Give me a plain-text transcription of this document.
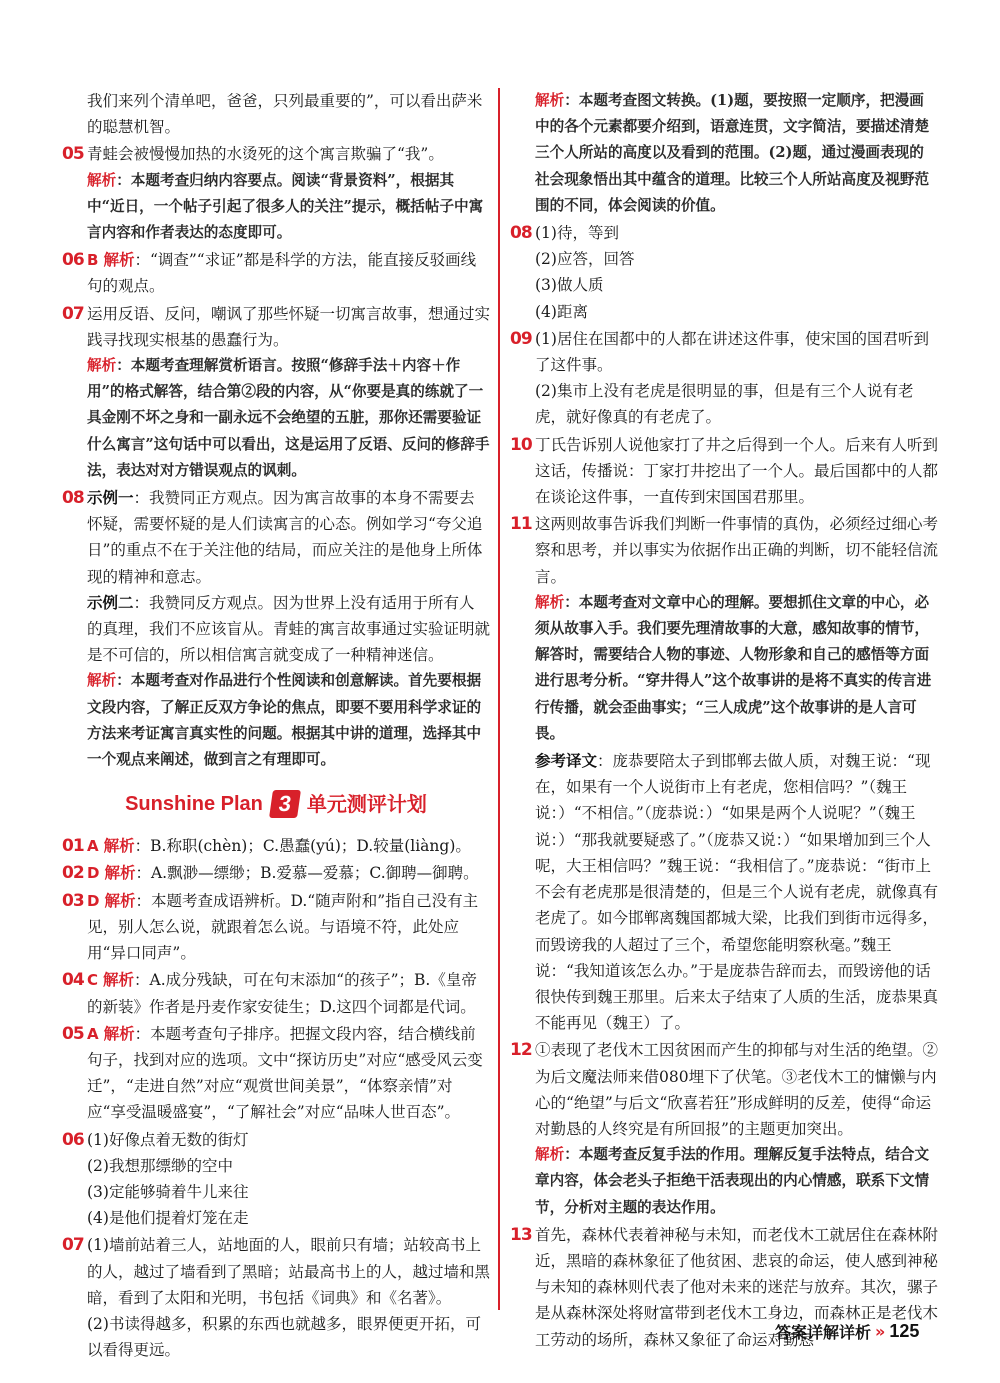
我们来列个清单吧，爸爸，只列最重要的”，可以看出萨米的聪慧机智。
05 青蛙会被慢慢加热的水烫死的这个寓言欺骗了“我”。
解析：本题考查归纳内容要点。阅读“背景资料”，根据其中“近日，一个帖子引起了很多人的关注”提示，概括帖子中寓言内容和作者表达的态度即可。
06 B 解析：“调查”“求证”都是科学的方法，能直接反驳画线句的观点。
07 运用反语、反问，嘲讽了那些怀疑一切寓言故事，想通过实践寻找现实根基的愚蠢行为。
解析：本题考查理解赏析语言。按照“修辞手法＋内容＋作用”的格式解答，结合第②段的内容，从“你要是真的练就了一具金刚不坏之身和一副永远不会绝望的五脏，那你还需要验证什么寓言”这句话中可以看出，这是运用了反语、反问的修辞手法，表达对对方错误观点的讽刺。
08 示例一：我赞同正方观点。因为寓言故事的本身不需要去怀疑，需要怀疑的是人们读寓言的心态。例如学习“夸父追日”的重点不在于关注他的结局，而应关注的是他身上所体现的精神和意志。
示例二：我赞同反方观点。因为世界上没有适用于所有人的真理，我们不应该盲从。青蛙的寓言故事通过实验证明就是不可信的，所以相信寓言就变成了一种精神迷信。
解析：本题考查对作品进行个性阅读和创意解读。首先要根据文段内容，了解正反双方争论的焦点，即要不要用科学求证的方法来考证寓言真实性的问题。根据其中讲的道理，选择其中一个观点来阐述，做到言之有理即可。
Sunshine Plan 3 单元测评计划
01 A 解析：B.称职(chèn)；C.愚蠢(yú)；D.较量(liàng)。
02 D 解析：A.飘渺—缥缈；B.爱慕—爱慕；C.御聘—御聘。
03 D 解析：本题考查成语辨析。D.“随声附和”指自己没有主见，别人怎么说，就跟着怎么说。与语境不符，此处应用“异口同声”。
04 C 解析：A.成分残缺，可在句末添加“的孩子”；B.《皇帝的新装》作者是丹麦作家安徒生；D.这四个词都是代词。
05 A 解析：本题考查句子排序。把握文段内容，结合横线前句子，找到对应的选项。文中“探访历史”对应“感受风云变迁”，“走进自然”对应“观赏世间美景”，“体察亲情”对应“享受温暖盛宴”，“了解社会”对应“品味人世百态”。
06 (1)好像点着无数的街灯
(2)我想那缥缈的空中
(3)定能够骑着牛儿来往
(4)是他们提着灯笼在走
07 (1)墙前站着三人，站地面的人，眼前只有墙；站较高书上的人，越过了墙看到了黑暗；站最高书上的人，越过墙和黑暗，看到了太阳和光明，书包括《词典》和《名著》。
(2)书读得越多，积累的东西也就越多，眼界便更开拓，可以看得更远。
解析：本题考查图文转换。(1)题，要按照一定顺序，把漫画中的各个元素都要介绍到，语意连贯，文字简洁，要描述清楚三个人所站的高度以及看到的范围。(2)题，通过漫画表现的社会现象悟出其中蕴含的道理。比较三个人所站高度及视野范围的不同，体会阅读的价值。
08 (1)待，等到
(2)应答，回答
(3)做人质
(4)距离
09 (1)居住在国都中的人都在讲述这件事，使宋国的国君听到了这件事。
(2)集市上没有老虎是很明显的事，但是有三个人说有老虎，就好像真的有老虎了。
10 丁氏告诉别人说他家打了井之后得到一个人。后来有人听到这话，传播说：丁家打井挖出了一个人。最后国都中的人都在谈论这件事，一直传到宋国国君那里。
11 这两则故事告诉我们判断一件事情的真伪，必须经过细心考察和思考，并以事实为依据作出正确的判断，切不能轻信流言。
解析：本题考查对文章中心的理解。要想抓住文章的中心，必须从故事入手。我们要先理清故事的大意，感知故事的情节，解答时，需要结合人物的事迹、人物形象和自己的感悟等方面进行思考分析。“穿井得人”这个故事讲的是将不真实的传言进行传播，就会歪曲事实；“三人成虎”这个故事讲的是人言可畏。
参考译文：庞恭要陪太子到邯郸去做人质，对魏王说：“现在，如果有一个人说街市上有老虎，您相信吗？”（魏王说：）“不相信。”（庞恭说：）“如果是两个人说呢？”（魏王说：）“那我就要疑惑了。”（庞恭又说：）“如果增加到三个人呢，大王相信吗？”魏王说：“我相信了。”庞恭说：“街市上不会有老虎那是很清楚的，但是三个人说有老虎，就像真有老虎了。如今邯郸离魏国都城大梁，比我们到街市远得多，而毁谤我的人超过了三个，希望您能明察秋毫。”魏王说：“我知道该怎么办。”于是庞恭告辞而去，而毁谤他的话很快传到魏王那里。后来太子结束了人质的生活，庞恭果真不能再见（魏王）了。
12 ①表现了老伐木工因贫困而产生的抑郁与对生活的绝望。②为后文魔法师来借080埋下了伏笔。③老伐木工的慵懒与内心的“绝望”与后文“欣喜若狂”形成鲜明的反差，使得“命运对勤恳的人终究是有所回报”的主题更加突出。
解析：本题考查反复手法的作用。理解反复手法特点，结合文章内容，体会老头子拒绝干活表现出的内心情感，联系下文情节，分析对主题的表达作用。
13 首先，森林代表着神秘与未知，而老伐木工就居住在森林附近，黑暗的森林象征了他贫困、悲哀的命运，使人感到神秘与未知的森林则代表了他对未来的迷茫与放弃。其次，骡子是从森林深处将财富带到老伐木工身边，而森林正是老伐木工劳动的场所，森林又象征了命运对勤恳
答案详解详析 » 125
